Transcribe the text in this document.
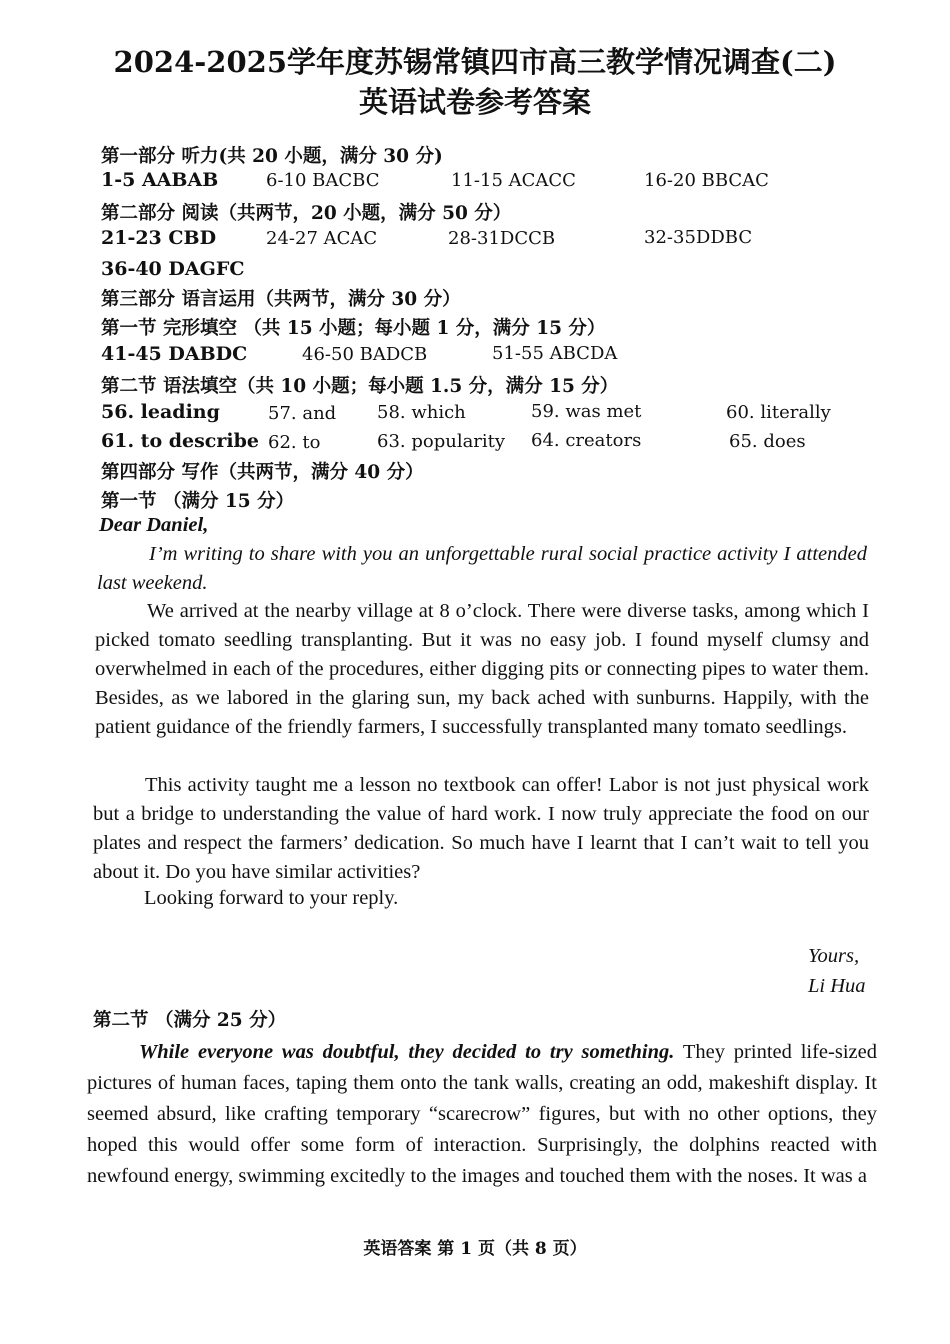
2024-2025学年度苏锡常镇四市高三教学情况调查(二)
英语试卷参考答案
第一部分 听力(共 20 小题，满分 30 分)
1-5 AABAB	6-10 BACBC	11-15 ACACC	16-20 BBCAC
第二部分 阅读（共两节，20 小题，满分 50 分）
21-23 CBD	24-27 ACAC	28-31DCCB	32-35DDBC
36-40 DAGFC
第三部分 语言运用（共两节，满分 30 分）
第一节 完形填空 （共 15 小题；每小题 1 分，满分 15 分）
41-45 DABDC	46-50 BADCB	51-55 ABCDA
第二节 语法填空（共 10 小题；每小题 1.5 分，满分 15 分）
56. leading	57. and 58. which	59. was met	60. literally
61. to describe 62. to	63. popularity 64. creators	65. does
第四部分 写作（共两节，满分 40 分）
第一节 （满分 15 分）
Dear Daniel,
I’m writing to share with you an unforgettable rural social practice activity I attended last weekend.
We arrived at the nearby village at 8 o’clock. There were diverse tasks, among which I picked tomato seedling transplanting. But it was no easy job. I found myself clumsy and overwhelmed in each of the procedures, either digging pits or connecting pipes to water them. Besides, as we labored in the glaring sun, my back ached with sunburns. Happily, with the patient guidance of the friendly farmers, I successfully transplanted many tomato seedlings.
This activity taught me a lesson no textbook can offer! Labor is not just physical work but a bridge to understanding the value of hard work. I now truly appreciate the food on our plates and respect the farmers’ dedication. So much have I learnt that I can’t wait to tell you about it. Do you have similar activities?
Looking forward to your reply.
Yours,
Li Hua
第二节 （满分 25 分）
While everyone was doubtful, they decided to try something. They printed life-sized pictures of human faces, taping them onto the tank walls, creating an odd, makeshift display. It seemed absurd, like crafting temporary “scarecrow” figures, but with no other options, they hoped this would offer some form of interaction. Surprisingly, the dolphins reacted with newfound energy, swimming excitedly to the images and touched them with the noses. It was a
英语答案 第 1 页（共 8 页）
